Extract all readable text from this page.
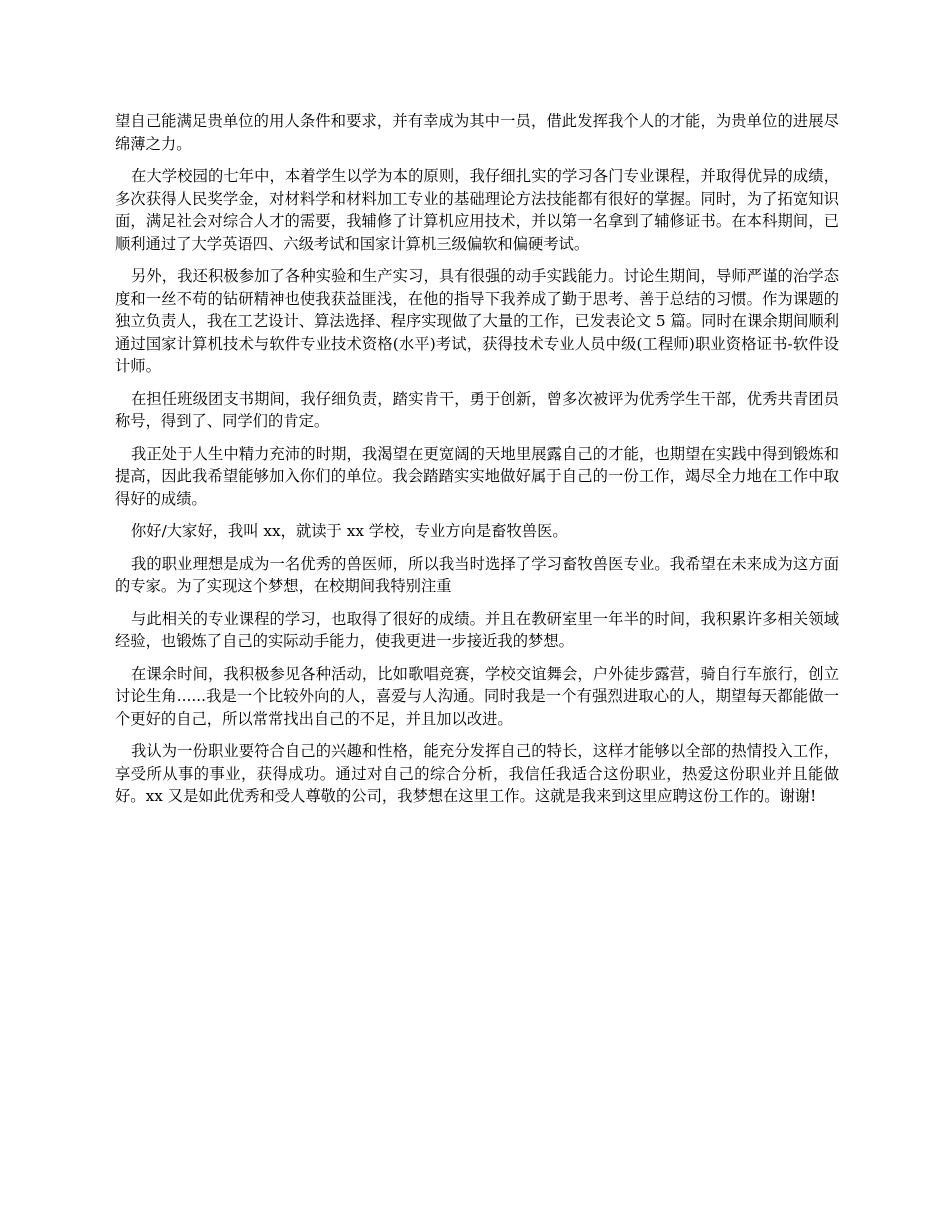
望自己能满足贵单位的用人条件和要求，并有幸成为其中一员，借此发挥我个人的才能，为贵单位的进展尽绵薄之力。

在大学校园的七年中，本着学生以学为本的原则，我仔细扎实的学习各门专业课程，并取得优异的成绩，多次获得人民奖学金，对材料学和材料加工专业的基础理论方法技能都有很好的掌握。同时，为了拓宽知识面，满足社会对综合人才的需要，我辅修了计算机应用技术，并以第一名拿到了辅修证书。在本科期间，已顺利通过了大学英语四、六级考试和国家计算机三级偏软和偏硬考试。

另外，我还积极参加了各种实验和生产实习，具有很强的动手实践能力。讨论生期间，导师严谨的治学态度和一丝不苟的钻研精神也使我获益匪浅，在他的指导下我养成了勤于思考、善于总结的习惯。作为课题的独立负责人，我在工艺设计、算法选择、程序实现做了大量的工作，已发表论文 5 篇。同时在课余期间顺利通过国家计算机技术与软件专业技术资格(水平)考试，获得技术专业人员中级(工程师)职业资格证书-软件设计师。

在担任班级团支书期间，我仔细负责，踏实肯干，勇于创新，曾多次被评为优秀学生干部，优秀共青团员称号，得到了、同学们的肯定。

我正处于人生中精力充沛的时期，我渴望在更宽阔的天地里展露自己的才能，也期望在实践中得到锻炼和提高，因此我希望能够加入你们的单位。我会踏踏实实地做好属于自己的一份工作，竭尽全力地在工作中取得好的成绩。

你好/大家好，我叫 xx，就读于 xx 学校，专业方向是畜牧兽医。

我的职业理想是成为一名优秀的兽医师，所以我当时选择了学习畜牧兽医专业。我希望在未来成为这方面的专家。为了实现这个梦想，在校期间我特别注重

与此相关的专业课程的学习，也取得了很好的成绩。并且在教研室里一年半的时间，我积累许多相关领域经验，也锻炼了自己的实际动手能力，使我更进一步接近我的梦想。

在课余时间，我积极参见各种活动，比如歌唱竞赛，学校交谊舞会，户外徒步露营，骑自行车旅行，创立讨论生角......我是一个比较外向的人，喜爱与人沟通。同时我是一个有强烈进取心的人，期望每天都能做一个更好的自己，所以常常找出自己的不足，并且加以改进。

我认为一份职业要符合自己的兴趣和性格，能充分发挥自己的特长，这样才能够以全部的热情投入工作，享受所从事的事业，获得成功。通过对自己的综合分析，我信任我适合这份职业，热爱这份职业并且能做好。xx 又是如此优秀和受人尊敬的公司，我梦想在这里工作。这就是我来到这里应聘这份工作的。谢谢!
